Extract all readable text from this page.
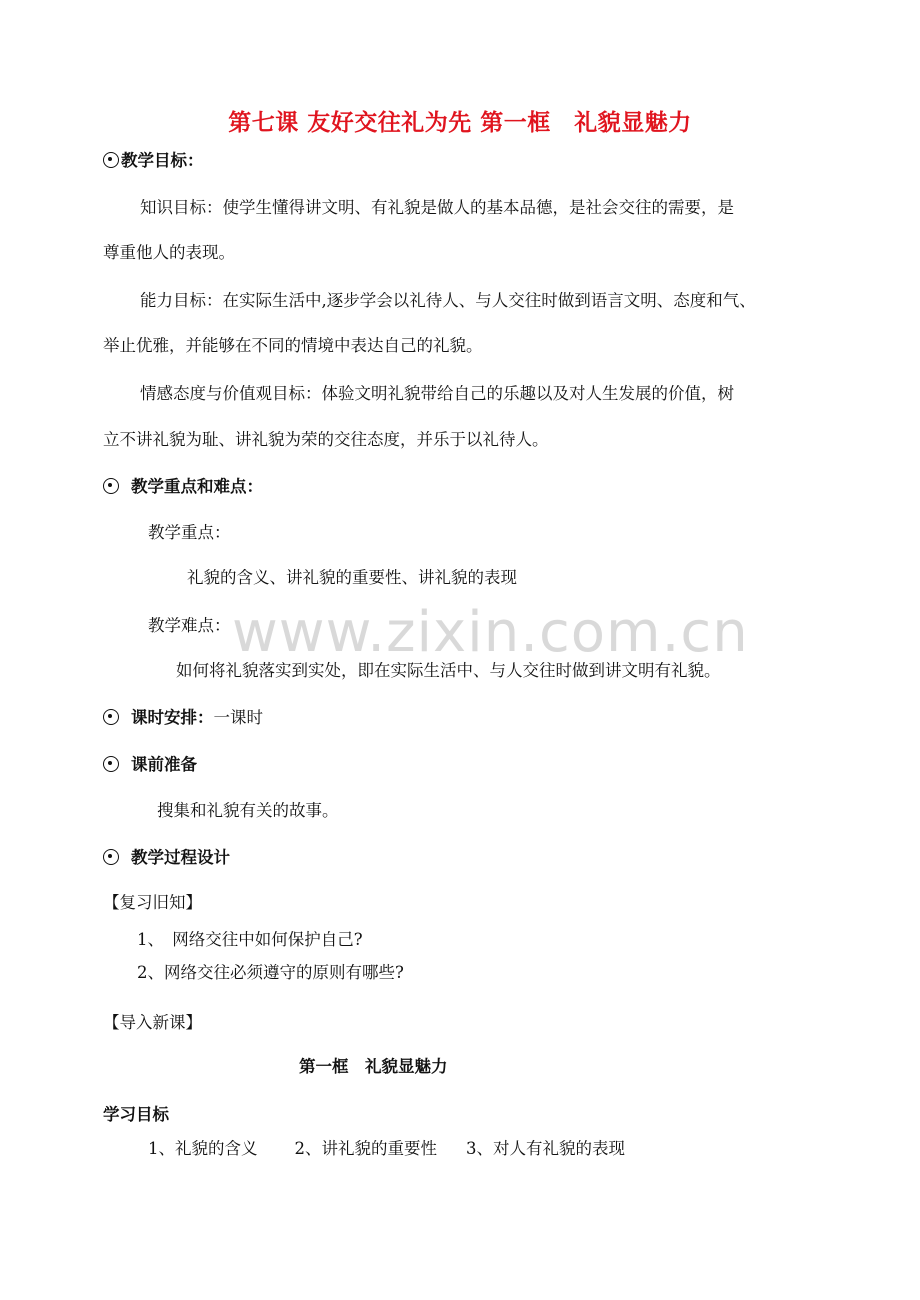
www.zixin.com.cn
第七课 友好交往礼为先 第一框　礼貌显魅力
教学目标：
知识目标：使学生懂得讲文明、有礼貌是做人的基本品德，是社会交往的需要，是
尊重他人的表现。
能力目标：在实际生活中,逐步学会以礼待人、与人交往时做到语言文明、态度和气、
举止优雅，并能够在不同的情境中表达自己的礼貌。
情感态度与价值观目标：体验文明礼貌带给自己的乐趣以及对人生发展的价值，树
立不讲礼貌为耻、讲礼貌为荣的交往态度，并乐于以礼待人。
教学重点和难点：
教学重点：
礼貌的含义、讲礼貌的重要性、讲礼貌的表现
教学难点：
如何将礼貌落实到实处，即在实际生活中、与人交往时做到讲文明有礼貌。
课时安排：一课时
课前准备
搜集和礼貌有关的故事。
教学过程设计
【复习旧知】
1、　网络交往中如何保护自己?
2、网络交往必须遵守的原则有哪些?
【导入新课】
第一框　礼貌显魅力
学习目标
1、礼貌的含义 2、讲礼貌的重要性 3、对人有礼貌的表现
